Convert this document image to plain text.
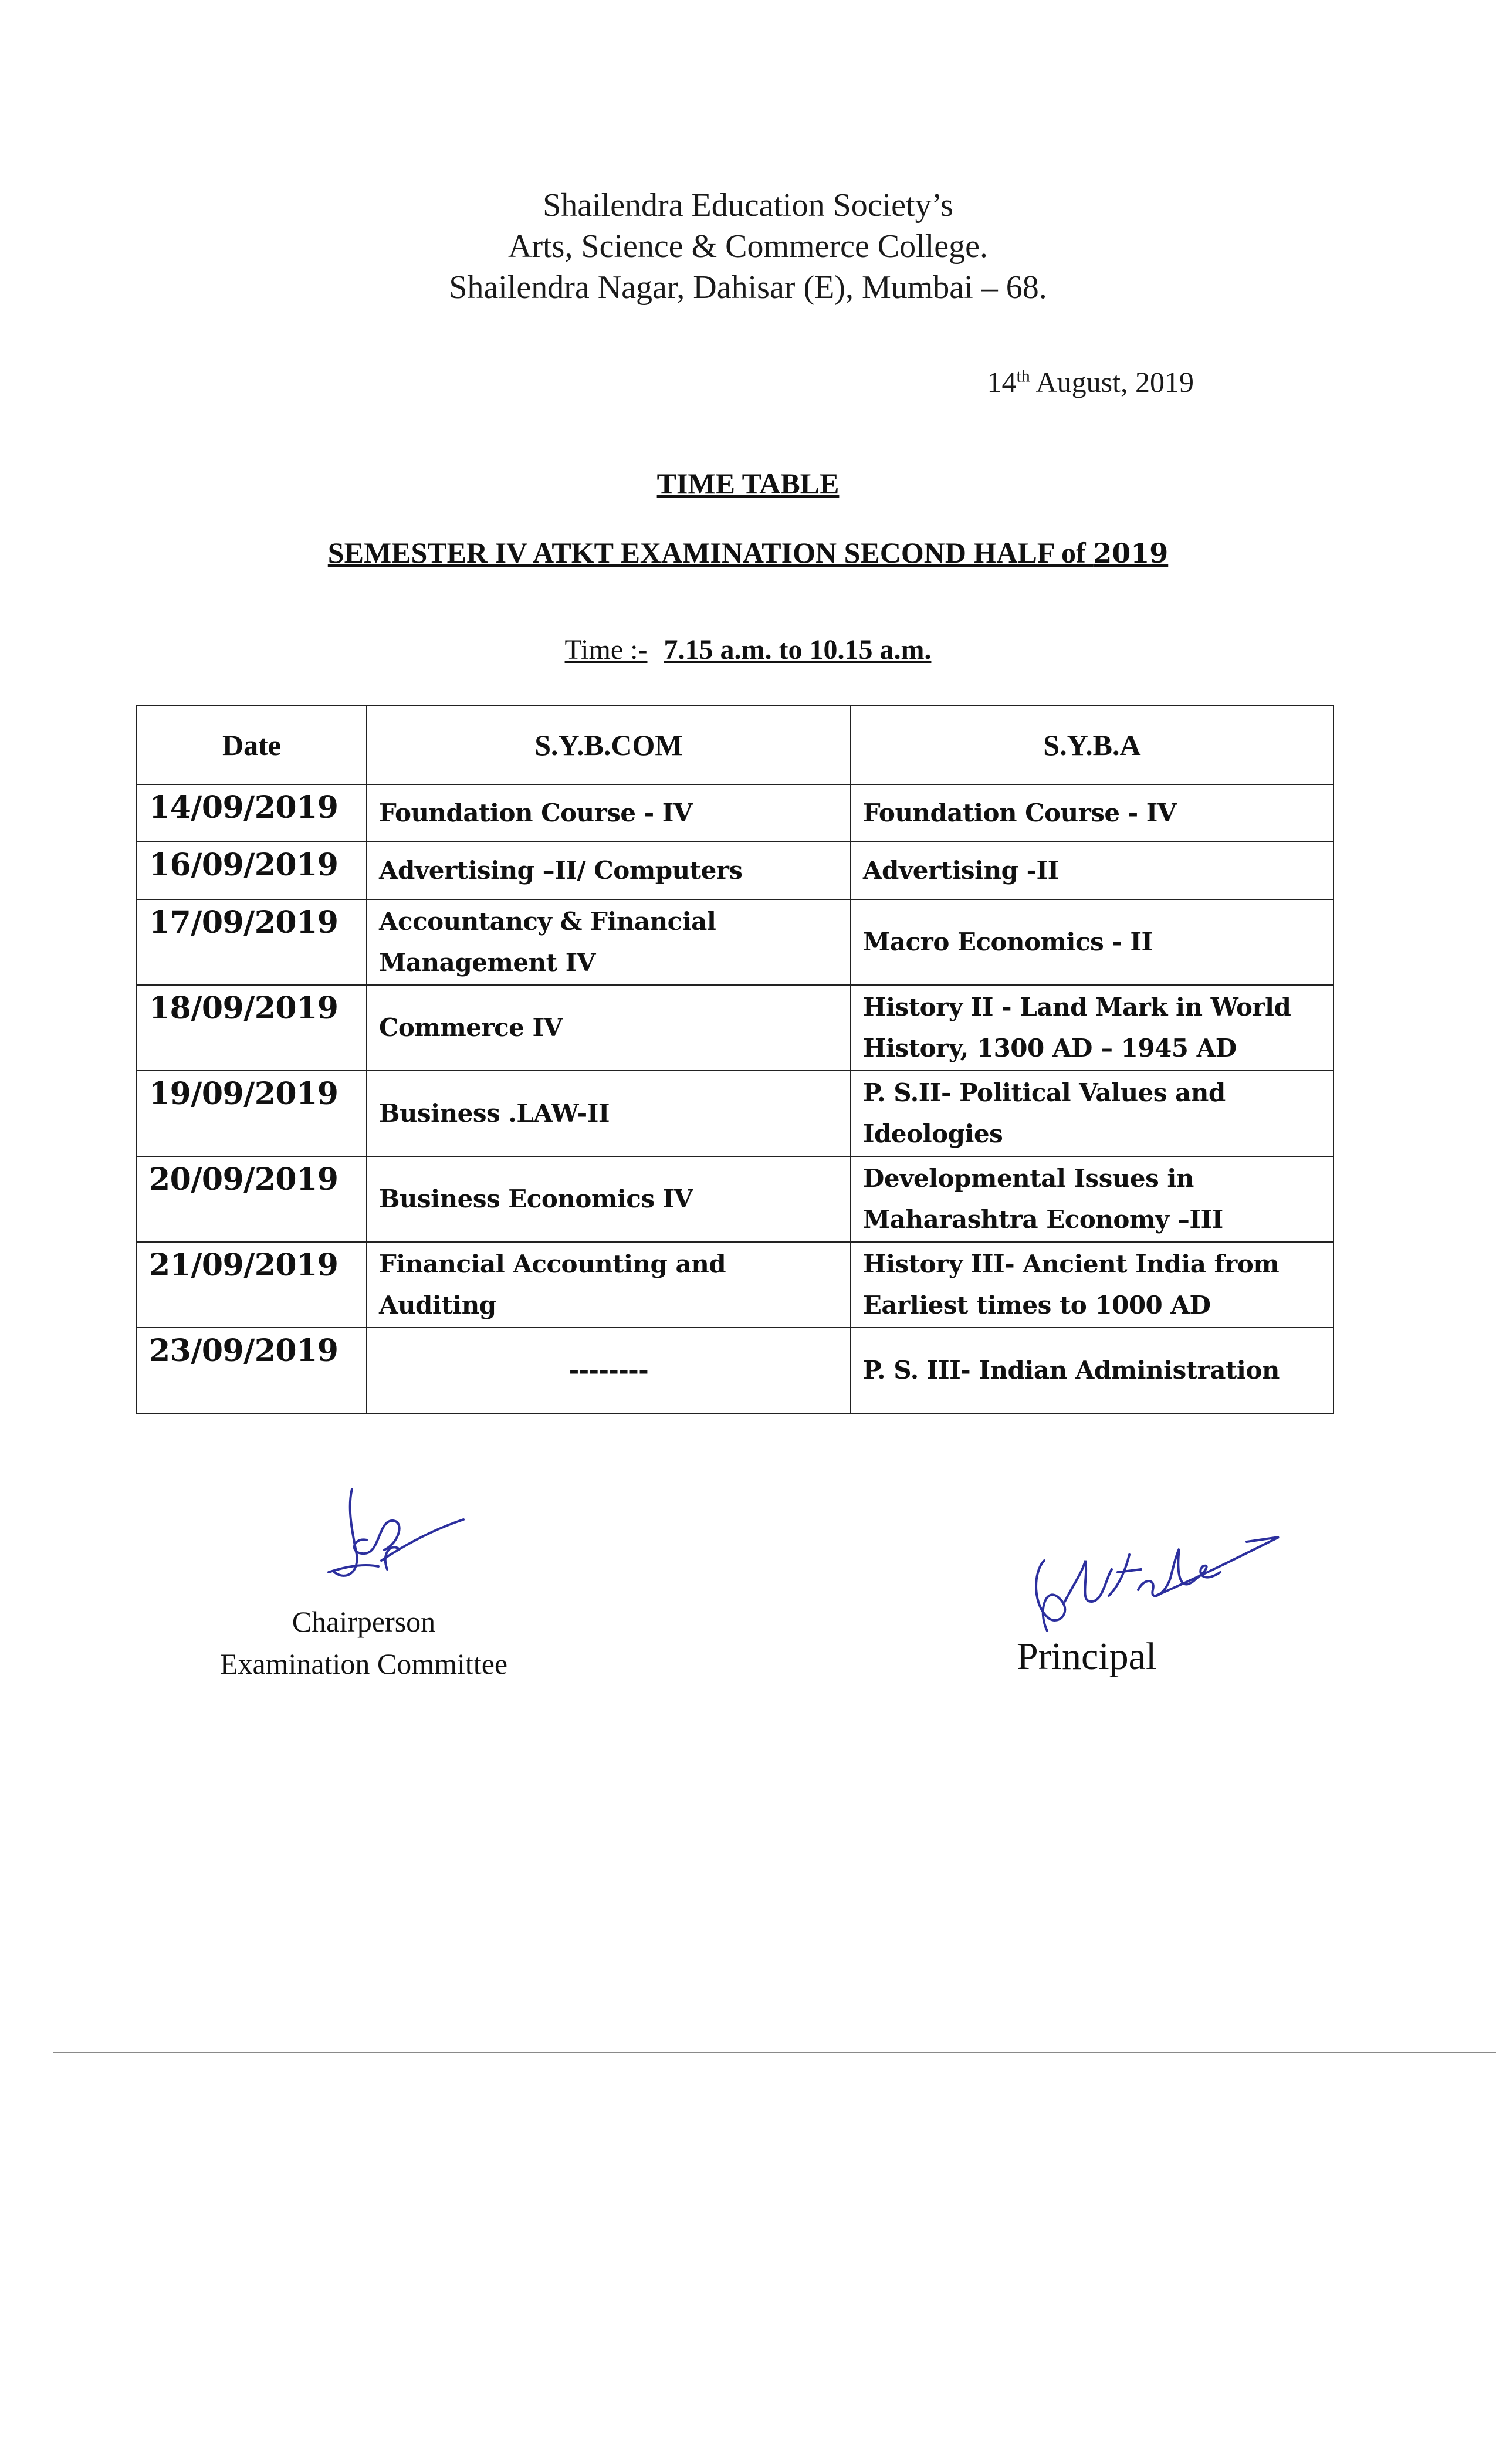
Shailendra Education Society’s
Arts, Science & Commerce College.
Shailendra Nagar, Dahisar (E), Mumbai – 68.
14th August, 2019
TIME TABLE
SEMESTER IV ATKT EXAMINATION SECOND HALF of 2019
Time :- 7.15 a.m. to 10.15 a.m.
Date	S.Y.B.COM	S.Y.B.A
14/09/2019	Foundation Course - IV	Foundation Course - IV
16/09/2019	Advertising –II/ Computers	Advertising -II
17/09/2019	Accountancy & Financial Management IV	Macro Economics - II
18/09/2019	Commerce IV	History II - Land Mark in World History, 1300 AD – 1945 AD
19/09/2019	Business .LAW-II	P. S.II- Political Values and Ideologies
20/09/2019	Business Economics IV	Developmental Issues in Maharashtra Economy –III
21/09/2019	Financial Accounting and Auditing	History III- Ancient India from Earliest times to 1000 AD
23/09/2019	--------	P. S. III- Indian Administration
Chairperson
Examination Committee	Principal
